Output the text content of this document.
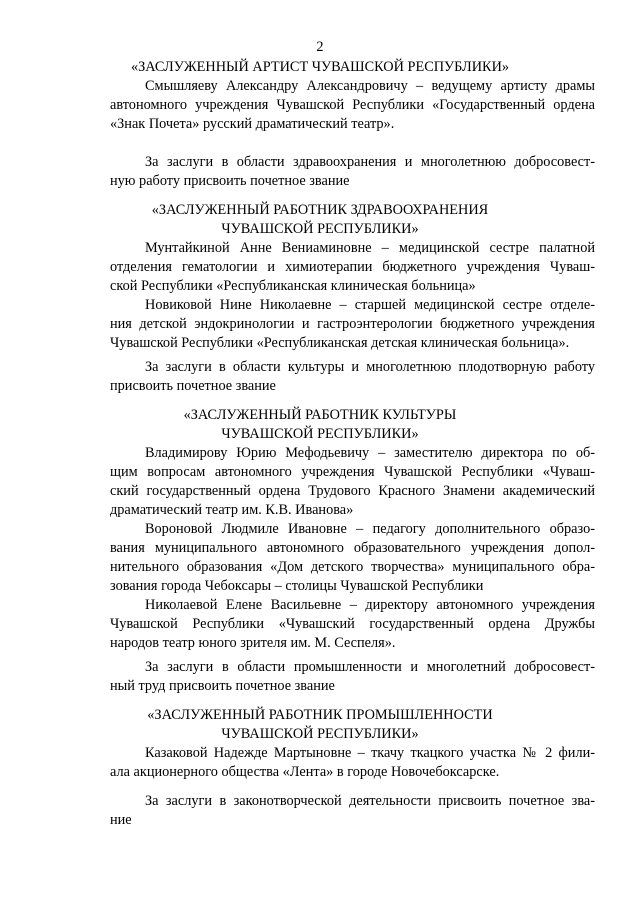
2
«ЗАСЛУЖЕННЫЙ АРТИСТ ЧУВАШСКОЙ РЕСПУБЛИКИ»
Смышляеву Александру Александровичу – ведущему артисту драмы
автономного учреждения Чувашской Республики «Государственный ордена
«Знак Почета» русский драматический театр».
За заслуги в области здравоохранения и многолетнюю добросовест-
ную работу присвоить почетное звание
«ЗАСЛУЖЕННЫЙ РАБОТНИК ЗДРАВООХРАНЕНИЯ
ЧУВАШСКОЙ РЕСПУБЛИКИ»
Мунтайкиной Анне Вениаминовне – медицинской сестре палатной
отделения гематологии и химиотерапии бюджетного учреждения Чуваш-
ской Республики «Республиканская клиническая больница»
Новиковой Нине Николаевне – старшей медицинской сестре отделе-
ния детской эндокринологии и гастроэнтерологии бюджетного учреждения
Чувашской Республики «Республиканская детская клиническая больница».
За заслуги в области культуры и многолетнюю плодотворную работу
присвоить почетное звание
«ЗАСЛУЖЕННЫЙ РАБОТНИК КУЛЬТУРЫ
ЧУВАШСКОЙ РЕСПУБЛИКИ»
Владимирову Юрию Мефодьевичу – заместителю директора по об-
щим вопросам автономного учреждения Чувашской Республики «Чуваш-
ский государственный ордена Трудового Красного Знамени академический
драматический театр им. К.В. Иванова»
Вороновой Людмиле Ивановне – педагогу дополнительного образо-
вания муниципального автономного образовательного учреждения допол-
нительного образования «Дом детского творчества» муниципального обра-
зования города Чебоксары – столицы Чувашской Республики
Николаевой Елене Васильевне – директору автономного учреждения
Чувашской Республики «Чувашский государственный ордена Дружбы
народов театр юного зрителя им. М. Сеспеля».
За заслуги в области промышленности и многолетний добросовест-
ный труд присвоить почетное звание
«ЗАСЛУЖЕННЫЙ РАБОТНИК ПРОМЫШЛЕННОСТИ
ЧУВАШСКОЙ РЕСПУБЛИКИ»
Казаковой Надежде Мартыновне – ткачу ткацкого участка № 2 фили-
ала акционерного общества «Лента» в городе Новочебоксарске.
За заслуги в законотворческой деятельности присвоить почетное зва-
ние
